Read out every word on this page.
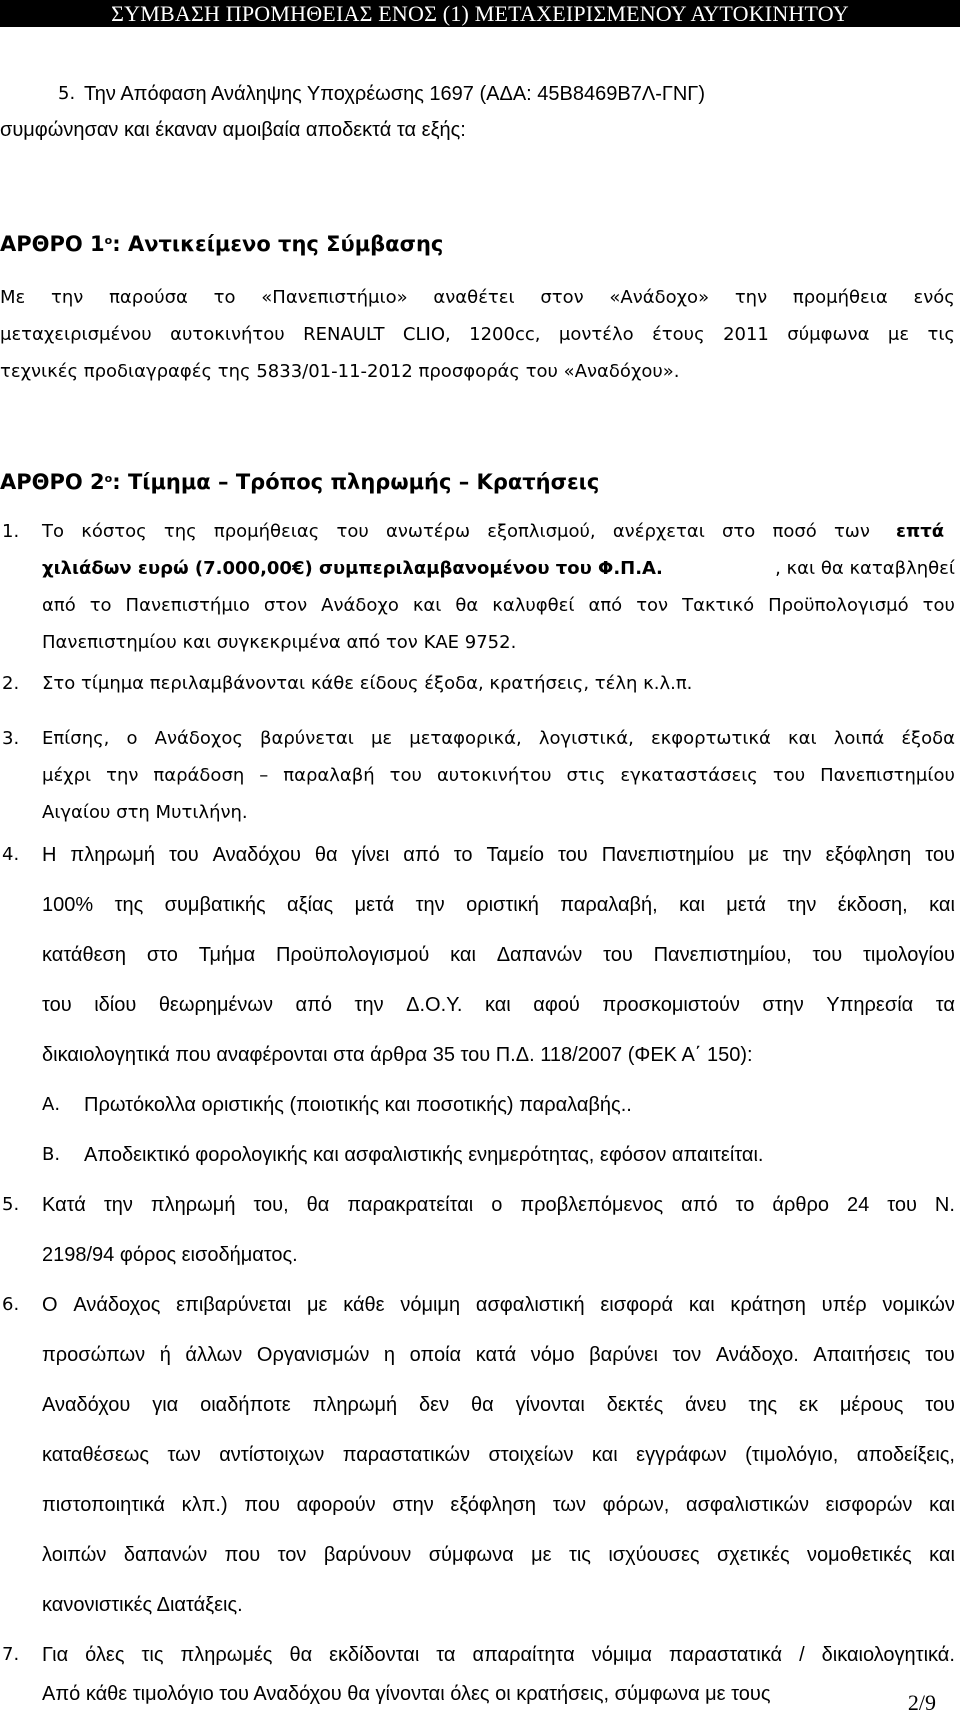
ΣΥΜΒΑΣΗ ΠΡΟΜΗΘΕΙΑΣ ΕΝΟΣ (1) ΜΕΤΑΧΕΙΡΙΣΜΕΝΟΥ ΑΥΤΟΚΙΝΗΤΟΥ
5. Την Απόφαση Ανάληψης Υποχρέωσης 1697 (ΑΔΑ: 45Β8469Β7Λ-ΓΝΓ)
συμφώνησαν και έκαναν αμοιβαία αποδεκτά τα εξής:
ΑΡΘΡΟ $1^o$: Αντικείμενο της Σύμβασης
Με την παρούσα το «Πανεπιστήμιο» αναθέτει στον «Ανάδοχο» την προμήθεια ενός
μεταχειρισμένου αυτοκινήτου RENAULT CLIO, 1200cc, μοντέλο έτους 2011 σύμφωνα με τις
τεχνικές προδιαγραφές της 5833/01-11-2012 προσφοράς του «Αναδόχου».
ΑΡΘΡΟ $2^o$: Τίμημα – Τρόπος πληρωμής – Κρατήσεις
1. Το κόστος της προμήθειας του ανωτέρω εξοπλισμού, ανέρχεται στο ποσό των επτά
χιλιάδων ευρώ (7.000,00€) συμπεριλαμβανομένου του Φ.Π.Α.	, και θα καταβληθεί
από το Πανεπιστήμιο στον Ανάδοχο και θα καλυφθεί από τον Τακτικό Προϋπολογισμό του
Πανεπιστημίου και συγκεκριμένα από τον ΚΑΕ 9752.
2. Στο τίμημα περιλαμβάνονται κάθε είδους έξοδα, κρατήσεις, τέλη κ.λ.π.
3. Επίσης, ο Ανάδοχος βαρύνεται με μεταφορικά, λογιστικά, εκφορτωτικά και λοιπά έξοδα
μέχρι την παράδοση – παραλαβή του αυτοκινήτου στις εγκαταστάσεις του Πανεπιστημίου
Αιγαίου στη Μυτιλήνη.
4. Η πληρωμή του Αναδόχου θα γίνει από το Ταμείο του Πανεπιστημίου με την εξόφληση του
100% της συμβατικής αξίας μετά την οριστική παραλαβή, και μετά την έκδοση, και
κατάθεση στο Τμήμα Προϋπολογισμού και Δαπανών του Πανεπιστημίου, του τιμολογίου
του ιδίου θεωρημένων από την Δ.Ο.Υ. και αφού προσκομιστούν στην Υπηρεσία τα
δικαιολογητικά που αναφέρονται στα άρθρα 35 του Π.Δ. 118/2007 (ΦΕΚ Α΄ 150):
Α. Πρωτόκολλα οριστικής (ποιοτικής και ποσοτικής) παραλαβής..
Β. Αποδεικτικό φορολογικής και ασφαλιστικής ενημερότητας, εφόσον απαιτείται.
5. Κατά την πληρωμή του, θα παρακρατείται ο προβλεπόμενος από το άρθρο 24 του Ν.
2198/94 φόρος εισοδήματος.
6. Ο Ανάδοχος επιβαρύνεται με κάθε νόμιμη ασφαλιστική εισφορά και κράτηση υπέρ νομικών
προσώπων ή άλλων Οργανισμών η οποία κατά νόμο βαρύνει τον Ανάδοχο. Απαιτήσεις του
Αναδόχου για οιαδήποτε πληρωμή δεν θα γίνονται δεκτές άνευ της εκ μέρους του
καταθέσεως των αντίστοιχων παραστατικών στοιχείων και εγγράφων (τιμολόγιο, αποδείξεις,
πιστοποιητικά κλπ.) που αφορούν στην εξόφληση των φόρων, ασφαλιστικών εισφορών και
λοιπών δαπανών που τον βαρύνουν σύμφωνα με τις ισχύουσες σχετικές νομοθετικές και
κανονιστικές Διατάξεις.
7. Για όλες τις πληρωμές θα εκδίδονται τα απαραίτητα νόμιμα παραστατικά / δικαιολογητικά.
Από κάθε τιμολόγιο του Αναδόχου θα γίνονται όλες οι κρατήσεις, σύμφωνα με τους	2/9
